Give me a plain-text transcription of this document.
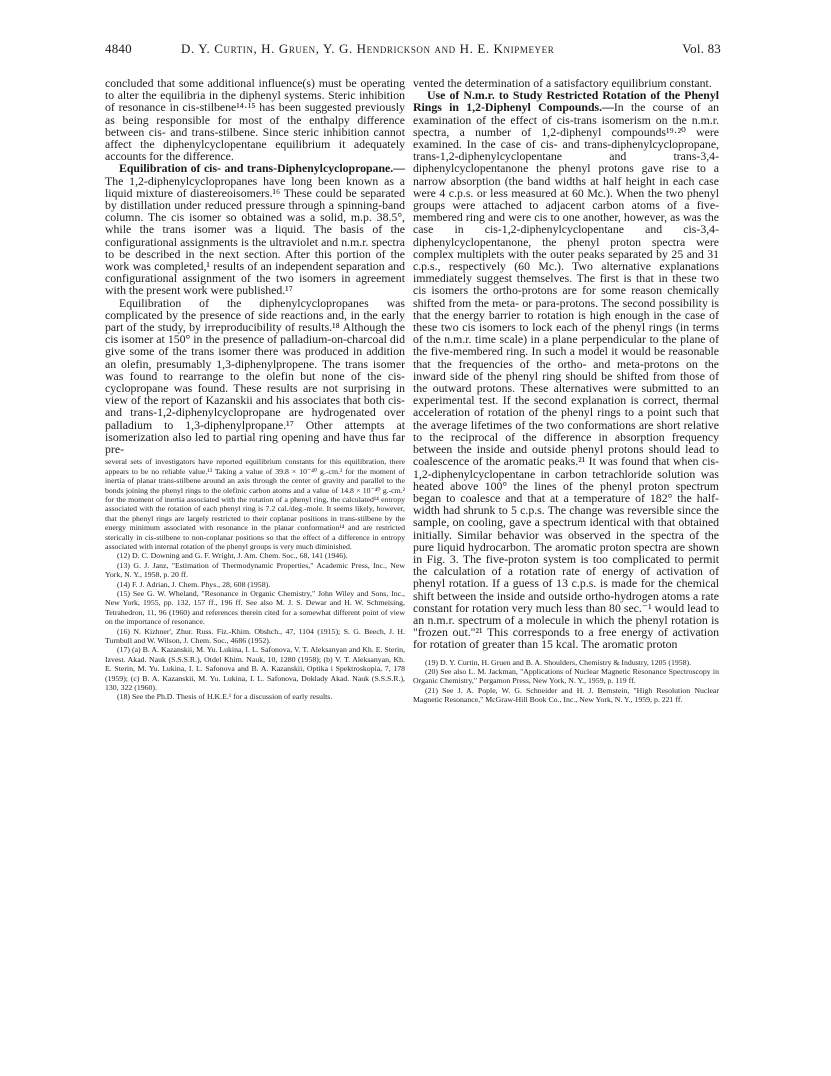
4840	D. Y. Curtin, H. Gruen, Y. G. Hendrickson and H. E. Knipmeyer	Vol. 83

concluded that some additional influence(s) must be operating to alter the equilibria in the diphenyl systems. Steric inhibition of resonance in cis-stilbene¹⁴·¹⁵ has been suggested previously as being responsible for most of the enthalpy difference between cis- and trans-stilbene. Since steric inhibition cannot affect the diphenylcyclopentane equilibrium it adequately accounts for the difference.

Equilibration of cis- and trans-Diphenylcyclopropane.—The 1,2-diphenylcyclopropanes have long been known as a liquid mixture of diastereoisomers.¹⁶ These could be separated by distillation under reduced pressure through a spinning-band column. The cis isomer so obtained was a solid, m.p. 38.5°, while the trans isomer was a liquid. The basis of the configurational assignments is the ultraviolet and n.m.r. spectra to be described in the next section. After this portion of the work was completed,¹ results of an independent separation and configurational assignment of the two isomers in agreement with the present work were published.¹⁷

Equilibration of the diphenylcyclopropanes was complicated by the presence of side reactions and, in the early part of the study, by irreproducibility of results.¹⁸ Although the cis isomer at 150° in the presence of palladium-on-charcoal did give some of the trans isomer there was produced in addition an olefin, presumably 1,3-diphenylpropene. The trans isomer was found to rearrange to the olefin but none of the cis-cyclopropane was found. These results are not surprising in view of the report of Kazanskii and his associates that both cis- and trans-1,2-diphenylcyclopropane are hydrogenated over palladium to 1,3-diphenylpropane.¹⁷ Other attempts at isomerization also led to partial ring opening and have thus far pre-

several sets of investigators have reported equilibrium constants for this equilibration, there appears to be no reliable value.¹³ Taking a value of 39.8 × 10⁻⁴⁰ g.-cm.² for the moment of inertia of planar trans-stilbene around an axis through the center of gravity and parallel to the bonds joining the phenyl rings to the olefinic carbon atoms and a value of 14.8 × 10⁻⁴⁰ g.-cm.² for the moment of inertia associated with the rotation of a phenyl ring, the calculated¹⁴ entropy associated with the rotation of each phenyl ring is 7.2 cal./deg.-mole. It seems likely, however, that the phenyl rings are largely restricted to their coplanar positions in trans-stilbene by the energy minimum associated with resonance in the planar conformation¹⁴ and are restricted sterically in cis-stilbene to non-coplanar positions so that the effect of a difference in entropy associated with internal rotation of the phenyl groups is very much diminished.

(12) D. C. Downing and G. F. Wright, J. Am. Chem. Soc., 68, 141 (1946).

(13) G. J. Janz, "Estimation of Thermodynamic Properties," Academic Press, Inc., New York, N. Y., 1958, p. 20 ff.

(14) F. J. Adrian, J. Chem. Phys., 28, 608 (1958).

(15) See G. W. Wheland, "Resonance in Organic Chemistry," John Wiley and Sons, Inc., New York, 1955, pp. 132, 157 ff., 196 ff. See also M. J. S. Dewar and H. W. Schmeising, Tetrahedron, 11, 96 (1960) and references therein cited for a somewhat different point of view on the importance of resonance.

(16) N. Kizhner', Zhur. Russ. Fiz.-Khim. Obshch., 47, 1104 (1915); S. G. Beech, J. H. Turnbull and W. Wilson, J. Chem. Soc., 4686 (1952).

(17) (a) B. A. Kazanskii, M. Yu. Lukina, I. L. Safonova, V. T. Aleksanyan and Kh. E. Sterin, Izvest. Akad. Nauk (S.S.S.R.), Otdel Khim. Nauk, 10, 1280 (1958); (b) V. T. Aleksanyan, Kh. E. Sterin, M. Yu. Lukina, I. L. Safonova and B. A. Kazanskii, Optika i Spektroskopia, 7, 178 (1959); (c) B. A. Kazanskii, M. Yu. Lukina, I. L. Safonova, Doklady Akad. Nauk (S.S.S.R.), 130, 322 (1960).

(18) See the Ph.D. Thesis of H.K.E.¹ for a discussion of early results.

vented the determination of a satisfactory equilibrium constant.

Use of N.m.r. to Study Restricted Rotation of the Phenyl Rings in 1,2-Diphenyl Compounds.—In the course of an examination of the effect of cis-trans isomerism on the n.m.r. spectra, a number of 1,2-diphenyl compounds¹⁹·²⁰ were examined. In the case of cis- and trans-diphenylcyclopropane, trans-1,2-diphenylcyclopentane and trans-3,4-diphenylcyclopentanone the phenyl protons gave rise to a narrow absorption (the band widths at half height in each case were 4 c.p.s. or less measured at 60 Mc.). When the two phenyl groups were attached to adjacent carbon atoms of a five-membered ring and were cis to one another, however, as was the case in cis-1,2-diphenylcyclopentane and cis-3,4-diphenylcyclopentanone, the phenyl proton spectra were complex multiplets with the outer peaks separated by 25 and 31 c.p.s., respectively (60 Mc.). Two alternative explanations immediately suggest themselves. The first is that in these two cis isomers the ortho-protons are for some reason chemically shifted from the meta- or para-protons. The second possibility is that the energy barrier to rotation is high enough in the case of these two cis isomers to lock each of the phenyl rings (in terms of the n.m.r. time scale) in a plane perpendicular to the plane of the five-membered ring. In such a model it would be reasonable that the frequencies of the ortho- and meta-protons on the inward side of the phenyl ring should be shifted from those of the outward protons. These alternatives were submitted to an experimental test. If the second explanation is correct, thermal acceleration of rotation of the phenyl rings to a point such that the average lifetimes of the two conformations are short relative to the reciprocal of the difference in absorption frequency between the inside and outside phenyl protons should lead to coalescence of the aromatic peaks.²¹ It was found that when cis-1,2-diphenylcyclopentane in carbon tetrachloride solution was heated above 100° the lines of the phenyl proton spectrum began to coalesce and that at a temperature of 182° the half-width had shrunk to 5 c.p.s. The change was reversible since the sample, on cooling, gave a spectrum identical with that obtained initially. Similar behavior was observed in the spectra of the pure liquid hydrocarbon. The aromatic proton spectra are shown in Fig. 3. The five-proton system is too complicated to permit the calculation of a rotation rate of energy of activation of phenyl rotation. If a guess of 13 c.p.s. is made for the chemical shift between the inside and outside ortho-hydrogen atoms a rate constant for rotation very much less than 80 sec.⁻¹ would lead to an n.m.r. spectrum of a molecule in which the phenyl rotation is "frozen out."²¹ This corresponds to a free energy of activation for rotation of greater than 15 kcal. The aromatic proton

(19) D. Y. Curtin, H. Gruen and B. A. Shoulders, Chemistry & Industry, 1205 (1958).

(20) See also L. M. Jackman, "Applications of Nuclear Magnetic Resonance Spectroscopy in Organic Chemistry," Pergamon Press, New York, N. Y., 1959, p. 119 ff.

(21) See J. A. Pople, W. G. Schneider and H. J. Bernstein, "High Resolution Nuclear Magnetic Resonance," McGraw-Hill Book Co., Inc., New York, N. Y., 1959, p. 221 ff.
